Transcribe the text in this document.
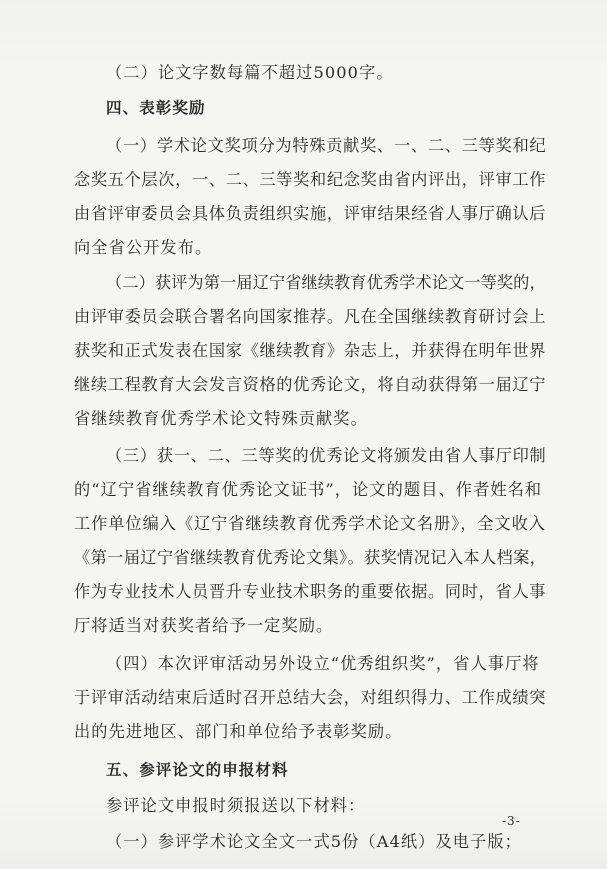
（二）论文字数每篇不超过5000字。
四、表彰奖励
（一）学术论文奖项分为特殊贡献奖、一、二、三等奖和纪
念奖五个层次，一、二、三等奖和纪念奖由省内评出，评审工作
由省评审委员会具体负责组织实施，评审结果经省人事厅确认后
向全省公开发布。
（二）获评为第一届辽宁省继续教育优秀学术论文一等奖的，
由评审委员会联合署名向国家推荐。凡在全国继续教育研讨会上
获奖和正式发表在国家《继续教育》杂志上，并获得在明年世界
继续工程教育大会发言资格的优秀论文，将自动获得第一届辽宁
省继续教育优秀学术论文特殊贡献奖。
（三）获一、二、三等奖的优秀论文将颁发由省人事厅印制
的“辽宁省继续教育优秀论文证书”，论文的题目、作者姓名和
工作单位编入《辽宁省继续教育优秀学术论文名册》，全文收入
《第一届辽宁省继续教育优秀论文集》。获奖情况记入本人档案，
作为专业技术人员晋升专业技术职务的重要依据。同时，省人事
厅将适当对获奖者给予一定奖励。
（四）本次评审活动另外设立“优秀组织奖”，省人事厅将
于评审活动结束后适时召开总结大会，对组织得力、工作成绩突
出的先进地区、部门和单位给予表彰奖励。
五、参评论文的申报材料
参评论文申报时须报送以下材料：
（一）参评学术论文全文一式5份（A4纸）及电子版；
-3-
